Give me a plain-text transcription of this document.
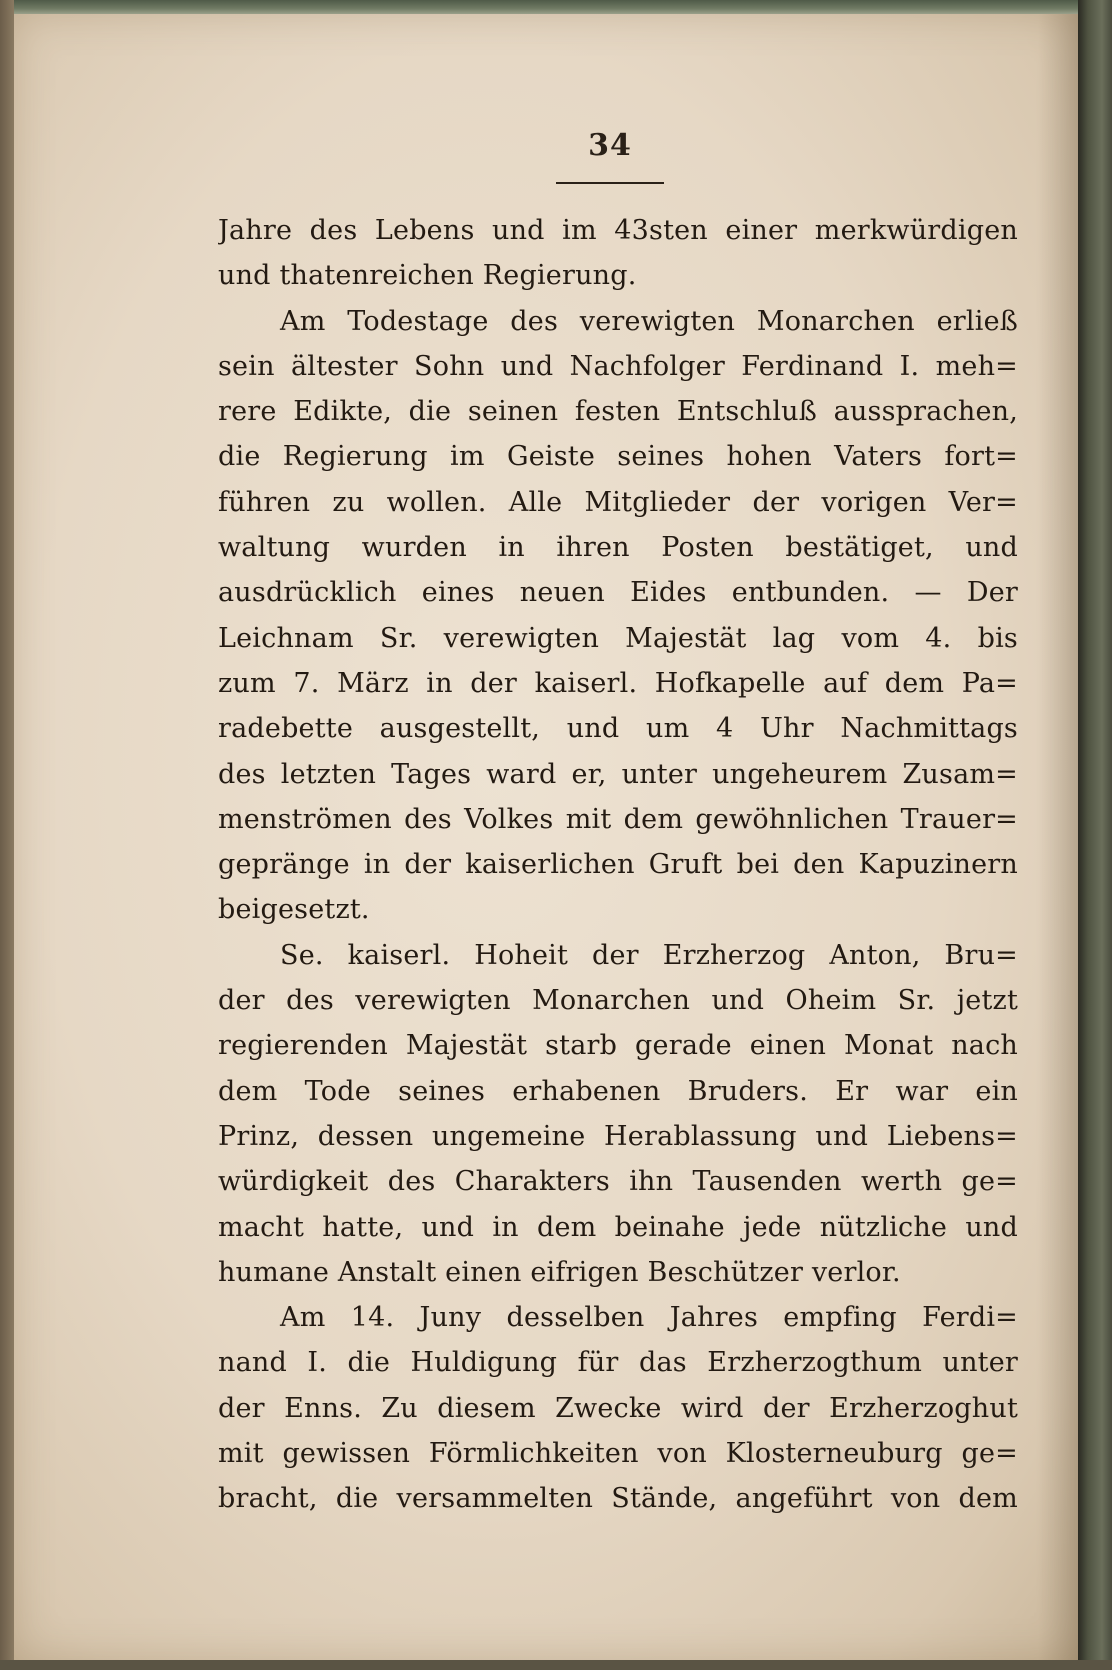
34
Jahre des Lebens und im 43sten einer merkwürdigen
und thatenreichen Regierung.
Am Todestage des verewigten Monarchen erließ
sein ältester Sohn und Nachfolger Ferdinand I. meh=
rere Edikte, die seinen festen Entschluß aussprachen,
die Regierung im Geiste seines hohen Vaters fort=
führen zu wollen. Alle Mitglieder der vorigen Ver=
waltung wurden in ihren Posten bestätiget, und
ausdrücklich eines neuen Eides entbunden. — Der
Leichnam Sr. verewigten Majestät lag vom 4. bis
zum 7. März in der kaiserl. Hofkapelle auf dem Pa=
radebette ausgestellt, und um 4 Uhr Nachmittags
des letzten Tages ward er, unter ungeheurem Zusam=
menströmen des Volkes mit dem gewöhnlichen Trauer=
gepränge in der kaiserlichen Gruft bei den Kapuzinern
beigesetzt.
Se. kaiserl. Hoheit der Erzherzog Anton, Bru=
der des verewigten Monarchen und Oheim Sr. jetzt
regierenden Majestät starb gerade einen Monat nach
dem Tode seines erhabenen Bruders. Er war ein
Prinz, dessen ungemeine Herablassung und Liebens=
würdigkeit des Charakters ihn Tausenden werth ge=
macht hatte, und in dem beinahe jede nützliche und
humane Anstalt einen eifrigen Beschützer verlor.
Am 14. Juny desselben Jahres empfing Ferdi=
nand I. die Huldigung für das Erzherzogthum unter
der Enns. Zu diesem Zwecke wird der Erzherzoghut
mit gewissen Förmlichkeiten von Klosterneuburg ge=
bracht, die versammelten Stände, angeführt von dem
